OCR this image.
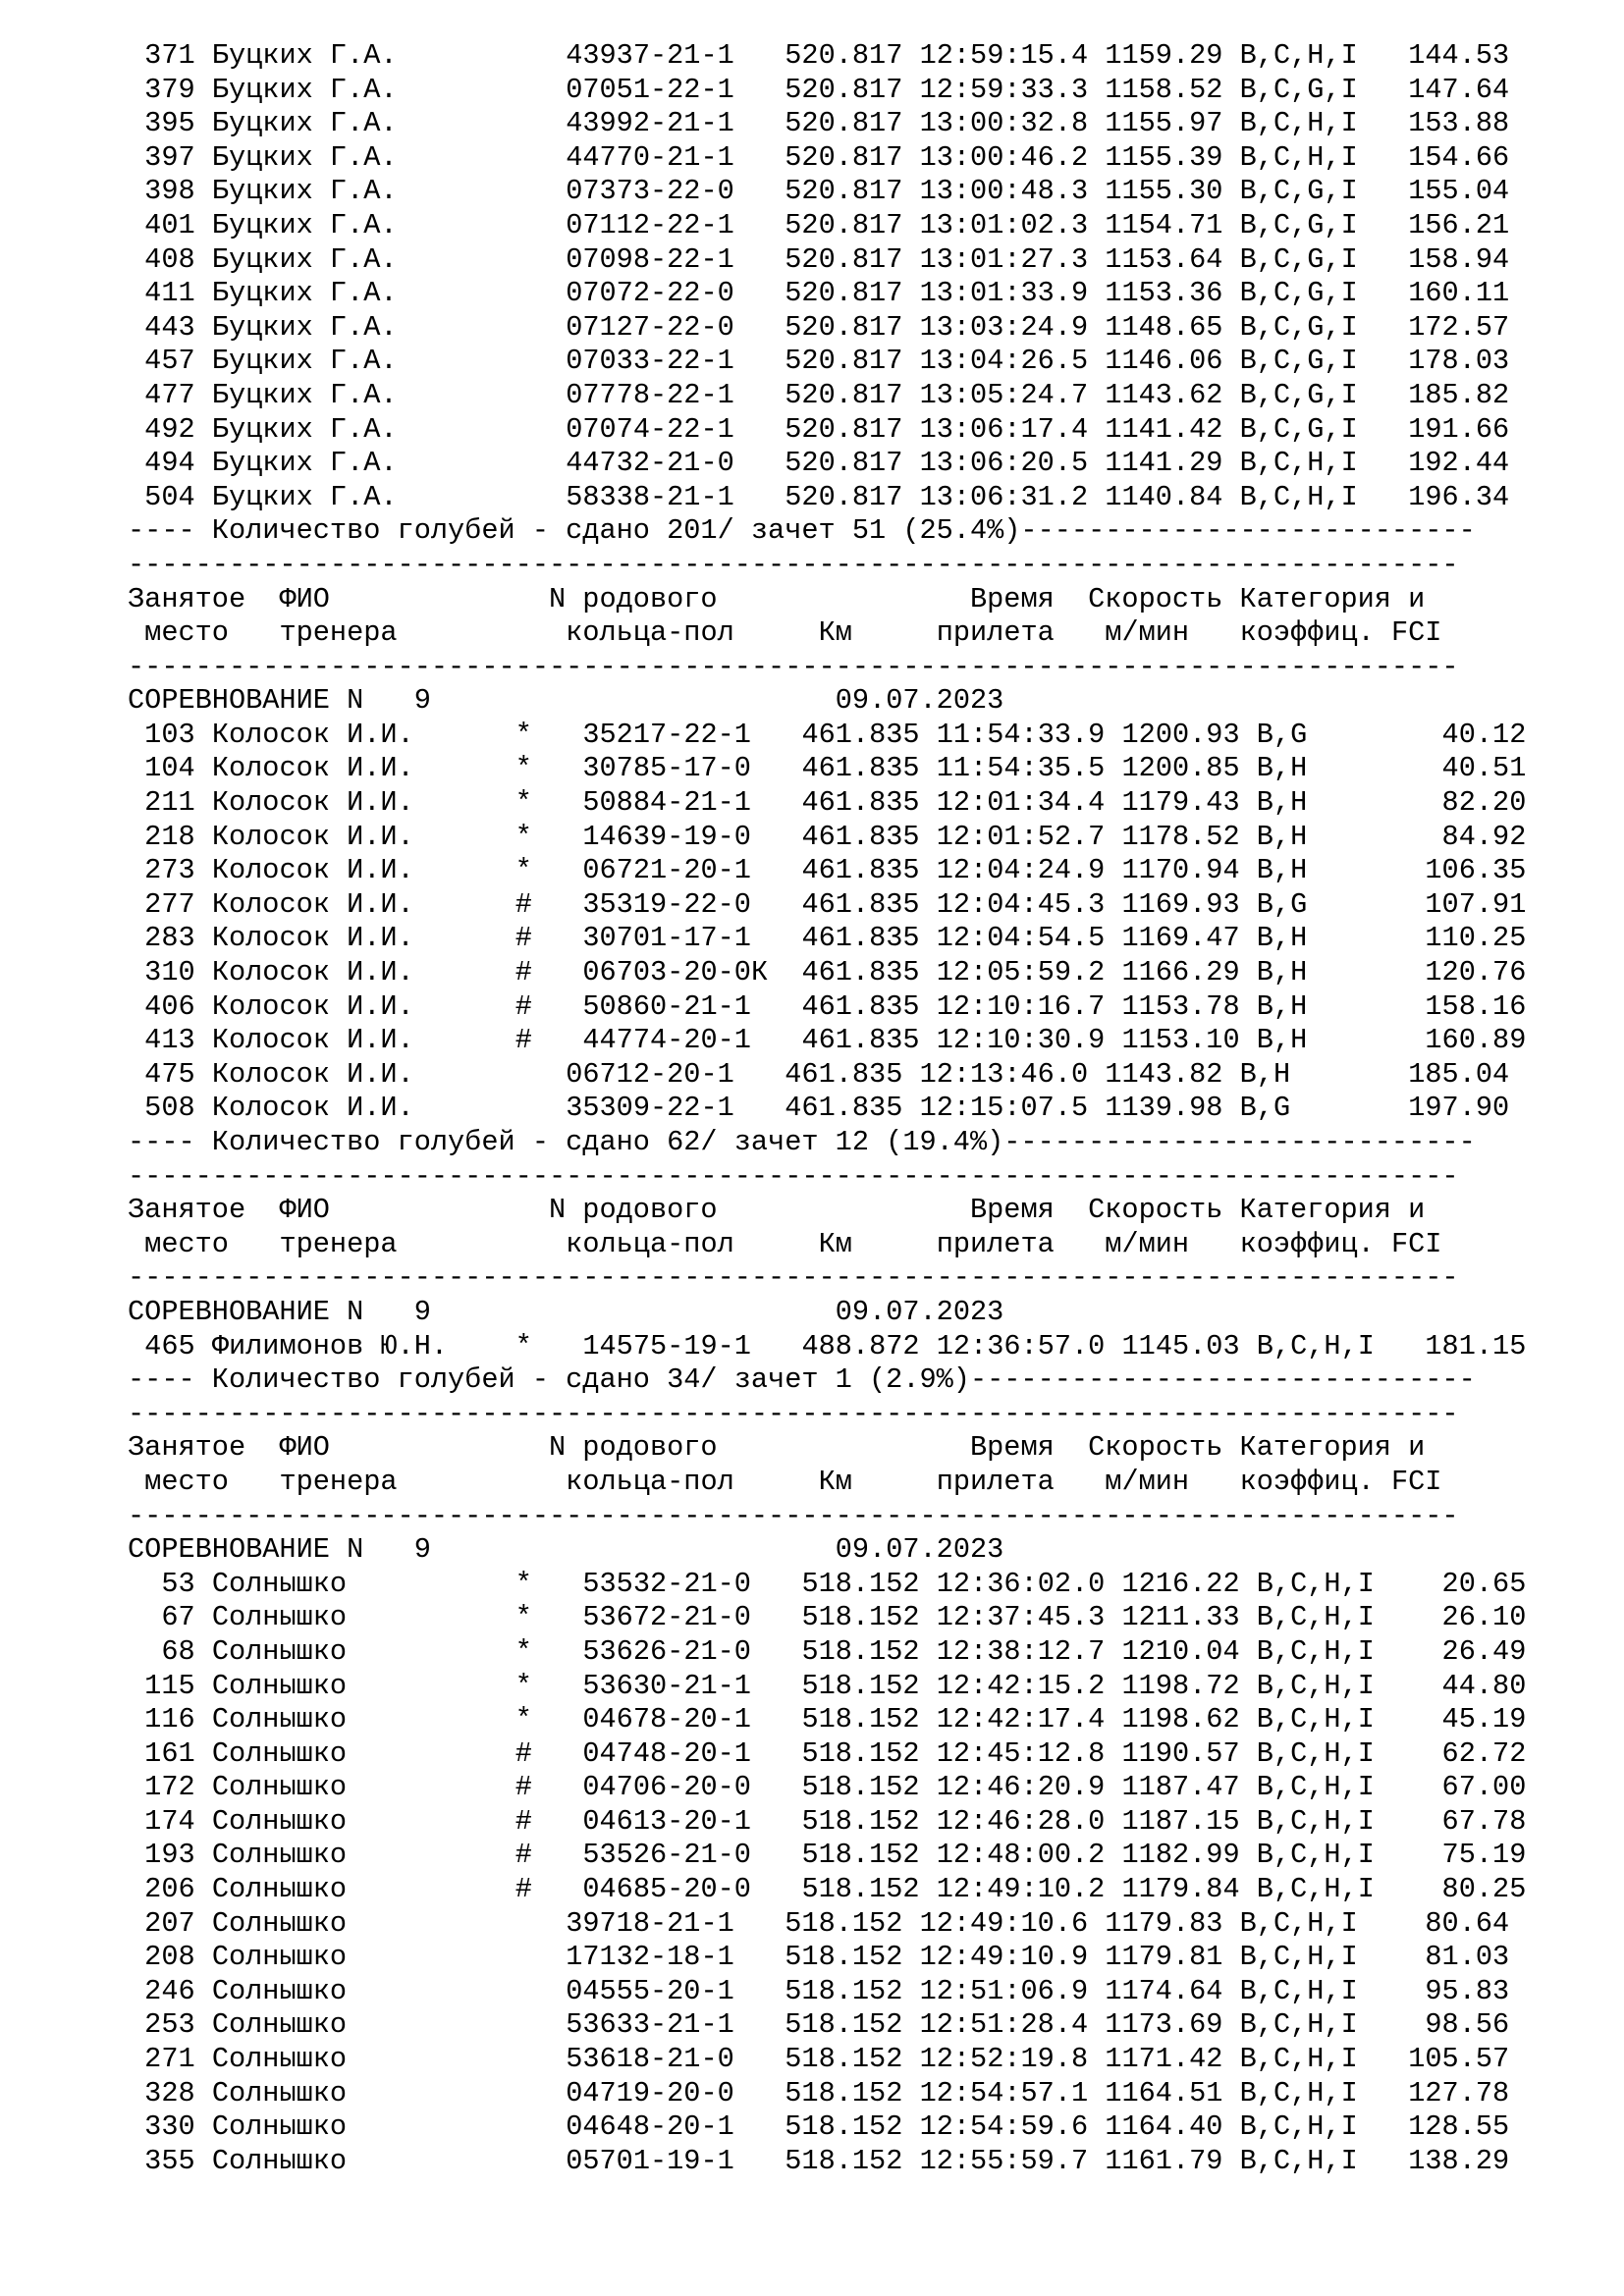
371 Буцких Г.А.          43937-21-1   520.817 12:59:15.4 1159.29 B,C,H,I   144.53
379 Буцких Г.А.          07051-22-1   520.817 12:59:33.3 1158.52 B,C,G,I   147.64
395 Буцких Г.А.          43992-21-1   520.817 13:00:32.8 1155.97 B,C,H,I   153.88
397 Буцких Г.А.          44770-21-1   520.817 13:00:46.2 1155.39 B,C,H,I   154.66
398 Буцких Г.А.          07373-22-0   520.817 13:00:48.3 1155.30 B,C,G,I   155.04
401 Буцких Г.А.          07112-22-1   520.817 13:01:02.3 1154.71 B,C,G,I   156.21
408 Буцких Г.А.          07098-22-1   520.817 13:01:27.3 1153.64 B,C,G,I   158.94
411 Буцких Г.А.          07072-22-0   520.817 13:01:33.9 1153.36 B,C,G,I   160.11
443 Буцких Г.А.          07127-22-0   520.817 13:03:24.9 1148.65 B,C,G,I   172.57
457 Буцких Г.А.          07033-22-1   520.817 13:04:26.5 1146.06 B,C,G,I   178.03
477 Буцких Г.А.          07778-22-1   520.817 13:05:24.7 1143.62 B,C,G,I   185.82
492 Буцких Г.А.          07074-22-1   520.817 13:06:17.4 1141.42 B,C,G,I   191.66
494 Буцких Г.А.          44732-21-0   520.817 13:06:20.5 1141.29 B,C,H,I   192.44
504 Буцких Г.А.          58338-21-1   520.817 13:06:31.2 1140.84 B,C,H,I   196.34
---- Количество голубей - сдано 201/ зачет 51 (25.4%)---------------------------
-------------------------------------------------------------------------------
Занятое  ФИО             N родового               Время Скорость Категория и
место   тренера          кольца-пол     Км     прилета   м/мин   коэффиц. FCI
-------------------------------------------------------------------------------
СОРЕВНОВАНИЕ N 9	09.07.2023
103 Колосок И.И.      * 35217-22-1   461.835 11:54:33.9 1200.93 B,G        40.12
104 Колосок И.И.      * 30785-17-0   461.835 11:54:35.5 1200.85 B,H        40.51
211 Колосок И.И.      * 50884-21-1   461.835 12:01:34.4 1179.43 B,H        82.20
218 Колосок И.И.      * 14639-19-0   461.835 12:01:52.7 1178.52 B,H        84.92
273 Колосок И.И.      * 06721-20-1   461.835 12:04:24.9 1170.94 B,H       106.35
277 Колосок И.И.      # 35319-22-0   461.835 12:04:45.3 1169.93 B,G       107.91
283 Колосок И.И.      # 30701-17-1   461.835 12:04:54.5 1169.47 B,H       110.25
310 Колосок И.И.      # 06703-20-0К 461.835 12:05:59.2 1166.29 B,H       120.76
406 Колосок И.И.      # 50860-21-1   461.835 12:10:16.7 1153.78 B,H       158.16
413 Колосок И.И.      # 44774-20-1   461.835 12:10:30.9 1153.10 B,H       160.89
475 Колосок И.И.         06712-20-1   461.835 12:13:46.0 1143.82 B,H       185.04
508 Колосок И.И.         35309-22-1   461.835 12:15:07.5 1139.98 B,G       197.90
---- Количество голубей - сдано 62/ зачет 12 (19.4%)----------------------------
-------------------------------------------------------------------------------
Занятое  ФИО             N родового               Время Скорость Категория и
место   тренера          кольца-пол     Км     прилета   м/мин   коэффиц. FCI
-------------------------------------------------------------------------------
СОРЕВНОВАНИЕ N 9	09.07.2023
465 Филимонов Ю.Н.    * 14575-19-1   488.872 12:36:57.0 1145.03 B,C,H,I   181.15
---- Количество голубей - сдано 34/ зачет 1 (2.9%)------------------------------
-------------------------------------------------------------------------------
Занятое  ФИО             N родового               Время Скорость Категория и
место   тренера          кольца-пол     Км     прилета   м/мин   коэффиц. FCI
-------------------------------------------------------------------------------
СОРЕВНОВАНИЕ N 9	09.07.2023
53 Солнышко          * 53532-21-0   518.152 12:36:02.0 1216.22 B,C,H,I    20.65
67 Солнышко          * 53672-21-0   518.152 12:37:45.3 1211.33 B,C,H,I    26.10
68 Солнышко          * 53626-21-0   518.152 12:38:12.7 1210.04 B,C,H,I    26.49
115 Солнышко          * 53630-21-1   518.152 12:42:15.2 1198.72 B,C,H,I    44.80
116 Солнышко          * 04678-20-1   518.152 12:42:17.4 1198.62 B,C,H,I    45.19
161 Солнышко          # 04748-20-1   518.152 12:45:12.8 1190.57 B,C,H,I    62.72
172 Солнышко          # 04706-20-0   518.152 12:46:20.9 1187.47 B,C,H,I    67.00
174 Солнышко          # 04613-20-1   518.152 12:46:28.0 1187.15 B,C,H,I    67.78
193 Солнышко          # 53526-21-0   518.152 12:48:00.2 1182.99 B,C,H,I    75.19
206 Солнышко          # 04685-20-0   518.152 12:49:10.2 1179.84 B,C,H,I    80.25
207 Солнышко             39718-21-1   518.152 12:49:10.6 1179.83 B,C,H,I    80.64
208 Солнышко             17132-18-1   518.152 12:49:10.9 1179.81 B,C,H,I    81.03
246 Солнышко             04555-20-1   518.152 12:51:06.9 1174.64 B,C,H,I    95.83
253 Солнышко             53633-21-1   518.152 12:51:28.4 1173.69 B,C,H,I    98.56
271 Солнышко             53618-21-0   518.152 12:52:19.8 1171.42 B,C,H,I   105.57
328 Солнышко             04719-20-0   518.152 12:54:57.1 1164.51 B,C,H,I   127.78
330 Солнышко             04648-20-1   518.152 12:54:59.6 1164.40 B,C,H,I   128.55
355 Солнышко             05701-19-1   518.152 12:55:59.7 1161.79 B,C,H,I   138.29
